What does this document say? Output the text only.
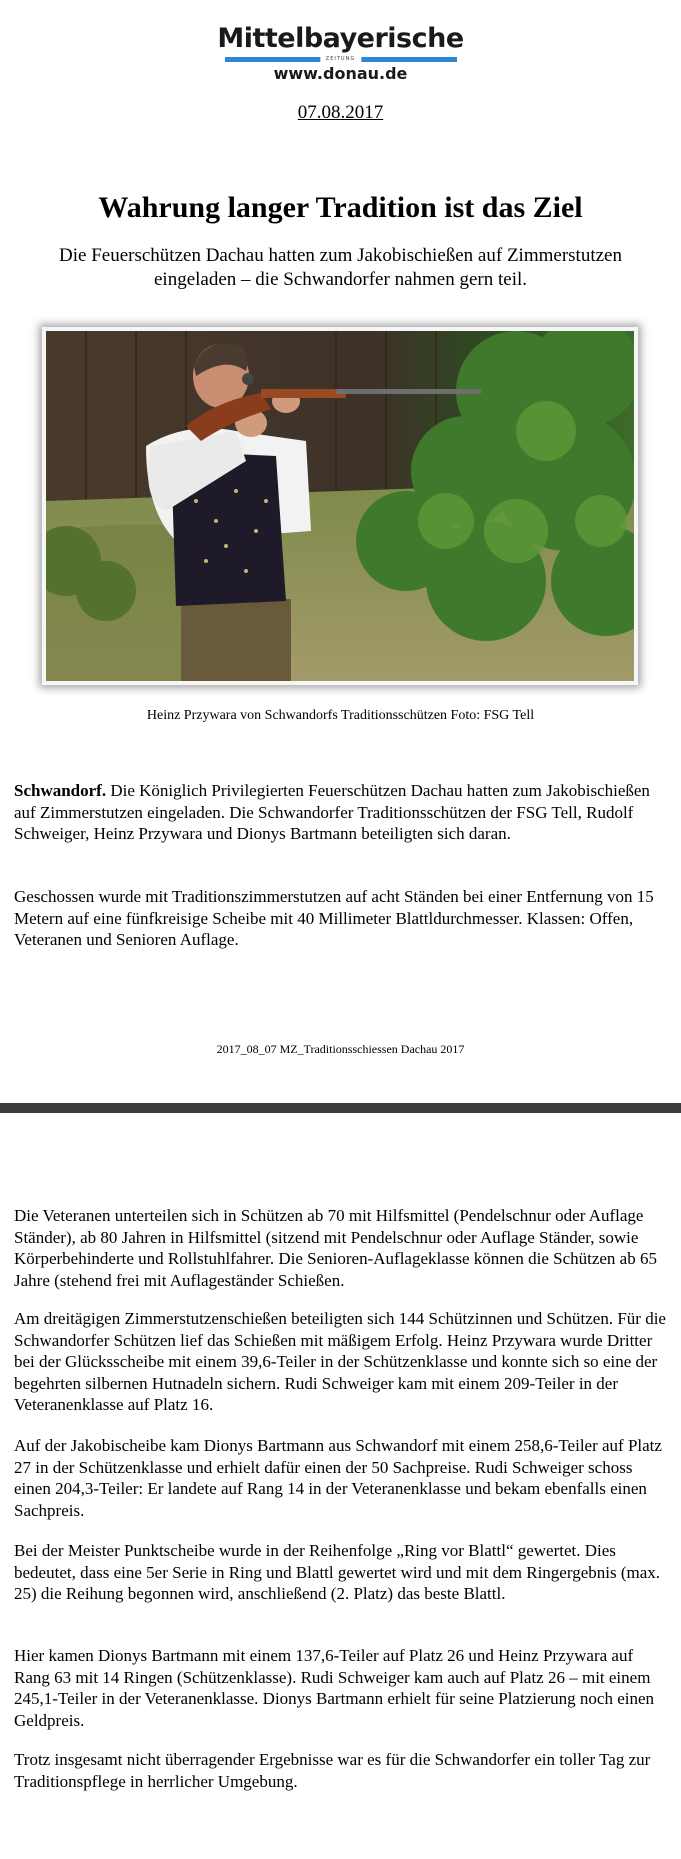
Mittelbayerische
ZEITUNG
www.donau.de
07.08.2017
Wahrung langer Tradition ist das Ziel

Die Feuerschützen Dachau hatten zum Jakobischießen auf Zimmerstutzen eingeladen – die Schwandorfer nahmen gern teil.

Heinz Przywara von Schwandorfs Traditionsschützen Foto: FSG Tell

Schwandorf. Die Königlich Privilegierten Feuerschützen Dachau hatten zum Jakobischießen auf Zimmerstutzen eingeladen. Die Schwandorfer Traditionsschützen der FSG Tell, Rudolf Schweiger, Heinz Przywara und Dionys Bartmann beteiligten sich daran.

Geschossen wurde mit Traditionszimmerstutzen auf acht Ständen bei einer Entfernung von 15 Metern auf eine fünfkreisige Scheibe mit 40 Millimeter Blattldurchmesser. Klassen: Offen, Veteranen und Senioren Auflage.

2017_08_07 MZ_Traditionsschiessen Dachau 2017

Die Veteranen unterteilen sich in Schützen ab 70 mit Hilfsmittel (Pendelschnur oder Auflage Ständer), ab 80 Jahren in Hilfsmittel (sitzend mit Pendelschnur oder Auflage Ständer, sowie Körperbehinderte und Rollstuhlfahrer. Die Senioren-Auflageklasse können die Schützen ab 65 Jahre (stehend frei mit Auflageständer Schießen.

Am dreitägigen Zimmerstutzenschießen beteiligten sich 144 Schützinnen und Schützen. Für die Schwandorfer Schützen lief das Schießen mit mäßigem Erfolg. Heinz Przywara wurde Dritter bei der Glücksscheibe mit einem 39,6-Teiler in der Schützenklasse und konnte sich so eine der begehrten silbernen Hutnadeln sichern. Rudi Schweiger kam mit einem 209-Teiler in der Veteranenklasse auf Platz 16.

Auf der Jakobischeibe kam Dionys Bartmann aus Schwandorf mit einem 258,6-Teiler auf Platz 27 in der Schützenklasse und erhielt dafür einen der 50 Sachpreise. Rudi Schweiger schoss einen 204,3-Teiler: Er landete auf Rang 14 in der Veteranenklasse und bekam ebenfalls einen Sachpreis.

Bei der Meister Punktscheibe wurde in der Reihenfolge „Ring vor Blattl“ gewertet. Dies bedeutet, dass eine 5er Serie in Ring und Blattl gewertet wird und mit dem Ringergebnis (max. 25) die Reihung begonnen wird, anschließend (2. Platz) das beste Blattl.

Hier kamen Dionys Bartmann mit einem 137,6-Teiler auf Platz 26 und Heinz Przywara auf Rang 63 mit 14 Ringen (Schützenklasse). Rudi Schweiger kam auch auf Platz 26 – mit einem 245,1-Teiler in der Veteranenklasse. Dionys Bartmann erhielt für seine Platzierung noch einen Geldpreis.

Trotz insgesamt nicht überragender Ergebnisse war es für die Schwandorfer ein toller Tag zur Traditionspflege in herrlicher Umgebung.
